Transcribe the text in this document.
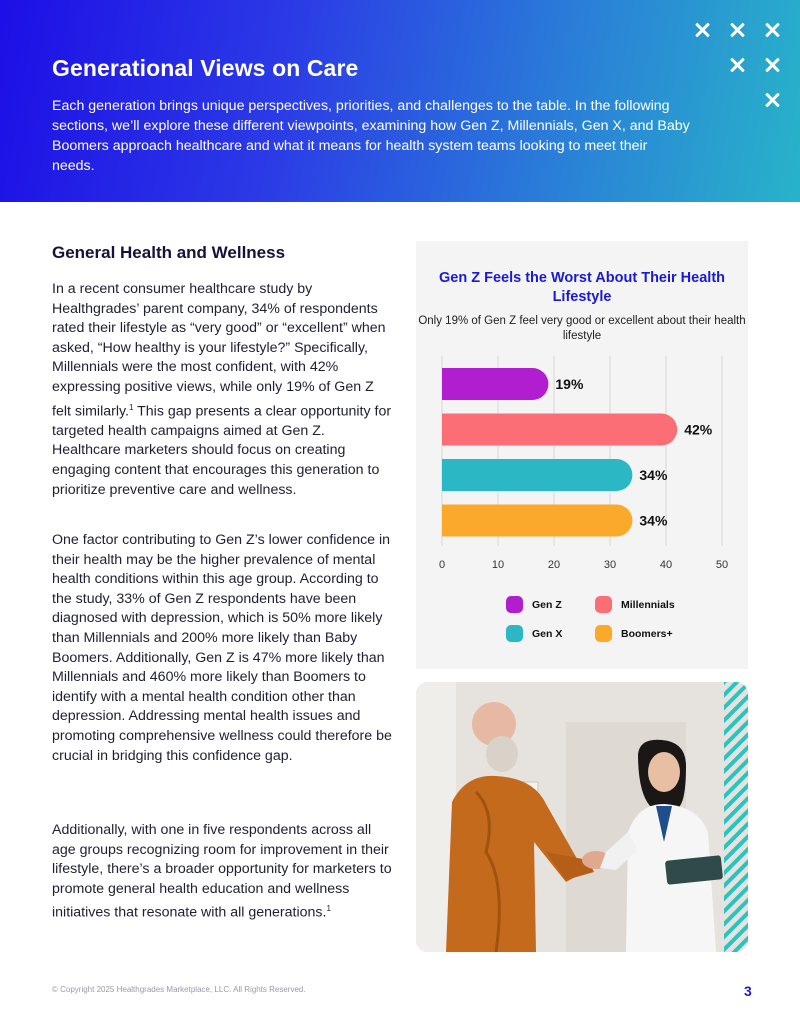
Generational Views on Care

Each generation brings unique perspectives, priorities, and challenges to the table. In the following sections, we’ll explore these different viewpoints, examining how Gen Z, Millennials, Gen X, and Baby Boomers approach healthcare and what it means for health system teams looking to meet their needs.

General Health and Wellness

In a recent consumer healthcare study by Healthgrades’ parent company, 34% of respondents rated their lifestyle as “very good” or “excellent” when asked, “How healthy is your lifestyle?” Specifically, Millennials were the most confident, with 42% expressing positive views, while only 19% of Gen Z felt similarly.$^1$ This gap presents a clear opportunity for targeted health campaigns aimed at Gen Z. Healthcare marketers should focus on creating engaging content that encourages this generation to prioritize preventive care and wellness.

One factor contributing to Gen Z’s lower confidence in their health may be the higher prevalence of mental health conditions within this age group. According to the study, 33% of Gen Z respondents have been diagnosed with depression, which is 50% more likely than Millennials and 200% more likely than Baby Boomers. Additionally, Gen Z is 47% more likely than Millennials and 460% more likely than Boomers to identify with a mental health condition other than depression. Addressing mental health issues and promoting comprehensive wellness could therefore be crucial in bridging this confidence gap.

Additionally, with one in five respondents across all age groups recognizing room for improvement in their lifestyle, there’s a broader opportunity for marketers to promote general health education and wellness initiatives that resonate with all generations.$^1$

Gen Z Feels the Worst About Their Health Lifestyle
Only 19% of Gen Z feel very good or excellent about their health lifestyle
0	10	20	30	40	50
19%
42%
34%
34%
Gen Z	Millennials
Gen X	Boomers+
© Copyright 2025 Healthgrades Marketplace, LLC. All Rights Reserved.	3
